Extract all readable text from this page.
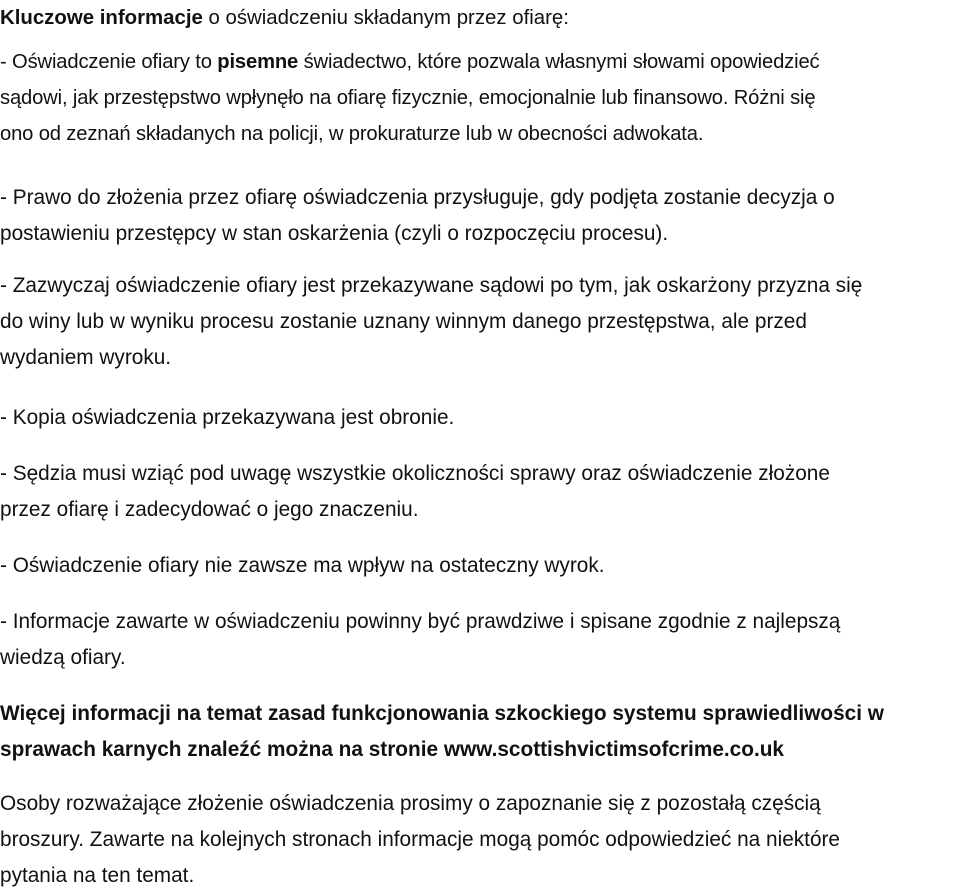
Kluczowe informacje o oświadczeniu składanym przez ofiarę:

- Oświadczenie ofiary to pisemne świadectwo, które pozwala własnymi słowami opowiedzieć
sądowi, jak przestępstwo wpłynęło na ofiarę fizycznie, emocjonalnie lub finansowo. Różni się
ono od zeznań składanych na policji, w prokuraturze lub w obecności adwokata.

- Prawo do złożenia przez ofiarę oświadczenia przysługuje, gdy podjęta zostanie decyzja o
postawieniu przestępcy w stan oskarżenia (czyli o rozpoczęciu procesu).

- Zazwyczaj oświadczenie ofiary jest przekazywane sądowi po tym, jak oskarżony przyzna się
do winy lub w wyniku procesu zostanie uznany winnym danego przestępstwa, ale przed
wydaniem wyroku.

- Kopia oświadczenia przekazywana jest obronie.

- Sędzia musi wziąć pod uwagę wszystkie okoliczności sprawy oraz oświadczenie złożone
przez ofiarę i zadecydować o jego znaczeniu.

- Oświadczenie ofiary nie zawsze ma wpływ na ostateczny wyrok.

- Informacje zawarte w oświadczeniu powinny być prawdziwe i spisane zgodnie z najlepszą
wiedzą ofiary.

Więcej informacji na temat zasad funkcjonowania szkockiego systemu sprawiedliwości w
sprawach karnych znaleźć można na stronie www.scottishvictimsofcrime.co.uk

Osoby rozważające złożenie oświadczenia prosimy o zapoznanie się z pozostałą częścią
broszury. Zawarte na kolejnych stronach informacje mogą pomóc odpowiedzieć na niektóre
pytania na ten temat.
